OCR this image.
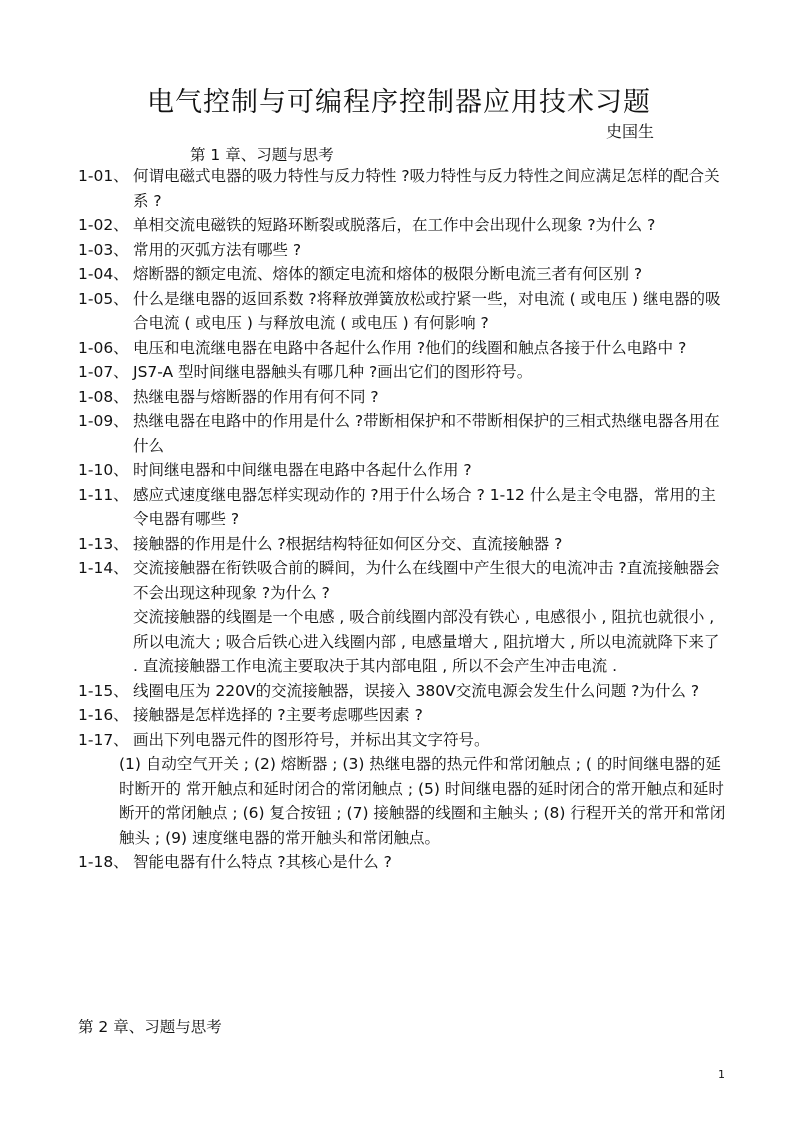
电气控制与可编程序控制器应用技术习题
史国生
第 1 章、习题与思考
1-01、 何谓电磁式电器的吸力特性与反力特性 ?吸力特性与反力特性之间应满足怎样的配合关系 ?
1-02、 单相交流电磁铁的短路环断裂或脱落后，在工作中会出现什么现象 ?为什么 ?
1-03、 常用的灭弧方法有哪些 ?
1-04、 熔断器的额定电流、熔体的额定电流和熔体的极限分断电流三者有何区别 ?
1-05、 什么是继电器的返回系数 ?将释放弹簧放松或拧紧一些，对电流 ( 或电压 ) 继电器的吸合电流 ( 或电压 ) 与释放电流 ( 或电压 ) 有何影响 ?
1-06、 电压和电流继电器在电路中各起什么作用 ?他们的线圈和触点各接于什么电路中 ?
1-07、 JS7-A 型时间继电器触头有哪几种 ?画出它们的图形符号。
1-08、 热继电器与熔断器的作用有何不同 ?
1-09、 热继电器在电路中的作用是什么 ?带断相保护和不带断相保护的三相式热继电器各用在什么
1-10、 时间继电器和中间继电器在电路中各起什么作用 ?
1-11、 感应式速度继电器怎样实现动作的 ?用于什么场合 ? 1-12 什么是主令电器，常用的主令电器有哪些 ?
1-13、 接触器的作用是什么 ?根据结构特征如何区分交、直流接触器 ?
1-14、 交流接触器在衔铁吸合前的瞬间，为什么在线圈中产生很大的电流冲击 ?直流接触器会不会出现这种现象 ?为什么 ?
交流接触器的线圈是一个电感 , 吸合前线圈内部没有铁心 , 电感很小 , 阻抗也就很小 , 所以电流大 ; 吸合后铁心进入线圈内部 , 电感量增大 , 阻抗增大 , 所以电流就降下来了 . 直流接触器工作电流主要取决于其内部电阻 , 所以不会产生冲击电流 .
1-15、 线圈电压为 220V的交流接触器，误接入 380V交流电源会发生什么问题 ?为什么 ?
1-16、 接触器是怎样选择的 ?主要考虑哪些因素 ?
1-17、 画出下列电器元件的图形符号，并标出其文字符号。
(1) 自动空气开关 ; (2) 熔断器 ; (3) 热继电器的热元件和常闭触点 ; ( 的时间继电器的延时断开的 常开触点和延时闭合的常闭触点 ; (5) 时间继电器的延时闭合的常开触点和延时断开的常闭触点 ; (6) 复合按钮 ; (7) 接触器的线圈和主触头 ; (8) 行程开关的常开和常闭触头 ; (9) 速度继电器的常开触头和常闭触点。
1-18、 智能电器有什么特点 ?其核心是什么 ?
第 2 章、习题与思考
1
